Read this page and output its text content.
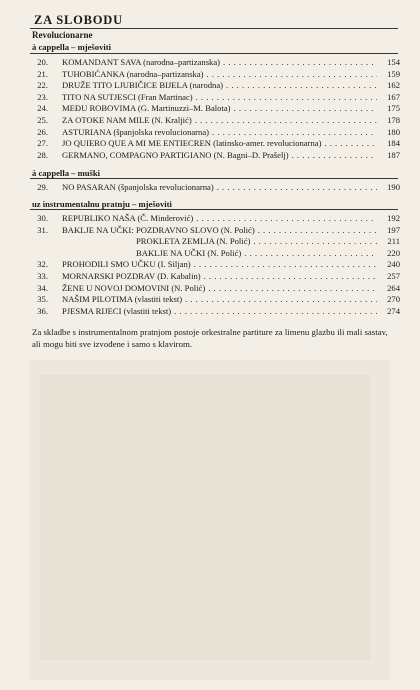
ZA SLOBODU
Revolucionarne
à cappella – mješoviti
20. KOMANDANT SAVA (narodna–partizanska) . . .	154
21. TUHOBIĆANKA (narodna–partizanska) . . .	159
22. DRUŽE TITO LJUBIČICE BIJELA (narodna) . . .	162
23. TITO NA SUTJESCI (Fran Martinac) . . .	167
24. MEĐU ROBOVIMA (G. Martinuzzi–M. Balota) . . .	175
25. ZA OTOKE NAM MILE (N. Kraljić) . . .	178
26. ASTURIANA (španjolska revolucionarna) . . .	180
27. JO QUIERO QUE A MI ME ENTIECREN (latinsko-amer. revolucionarna) . . .	184
28. GERMANO, COMPAGNO PARTIGIANO (N. Bagni–D. Prašelj) . . .	187
à cappella – muški
29. NO PASARAN (španjolska revolucionarna) . . .	190
uz instrumentalnu pratnju – mješoviti
30. REPUBLIKO NAŠA (Č. Minderović) . . .	192
31. BAKLJE NA UČKI: POZDRAVNO SLOVO (N. Polić) . . .	197
PROKLETA ZEMLJA (N. Polić) . . .	211
BAKLJE NA UČKI (N. Polić) . . .	220
32. PROHODILI SMO UČKU (I. Siljan) . . .	240
33. MORNARSKI POZDRAV (D. Kabalin) . . .	257
34. ŽENE U NOVOJ DOMOVINI (N. Polić) . . .	264
35. NAŠIM PILOTIMA (vlastiti tekst) . . .	270
36. PJESMA RIJECI (vlastiti tekst) . . .	274
Za skladbe s instrumentalnom pratnjom postoje orkestralne partiture za limenu glazbu ili mali sastav, ali mogu biti sve izvođene i samo s klavirom.
